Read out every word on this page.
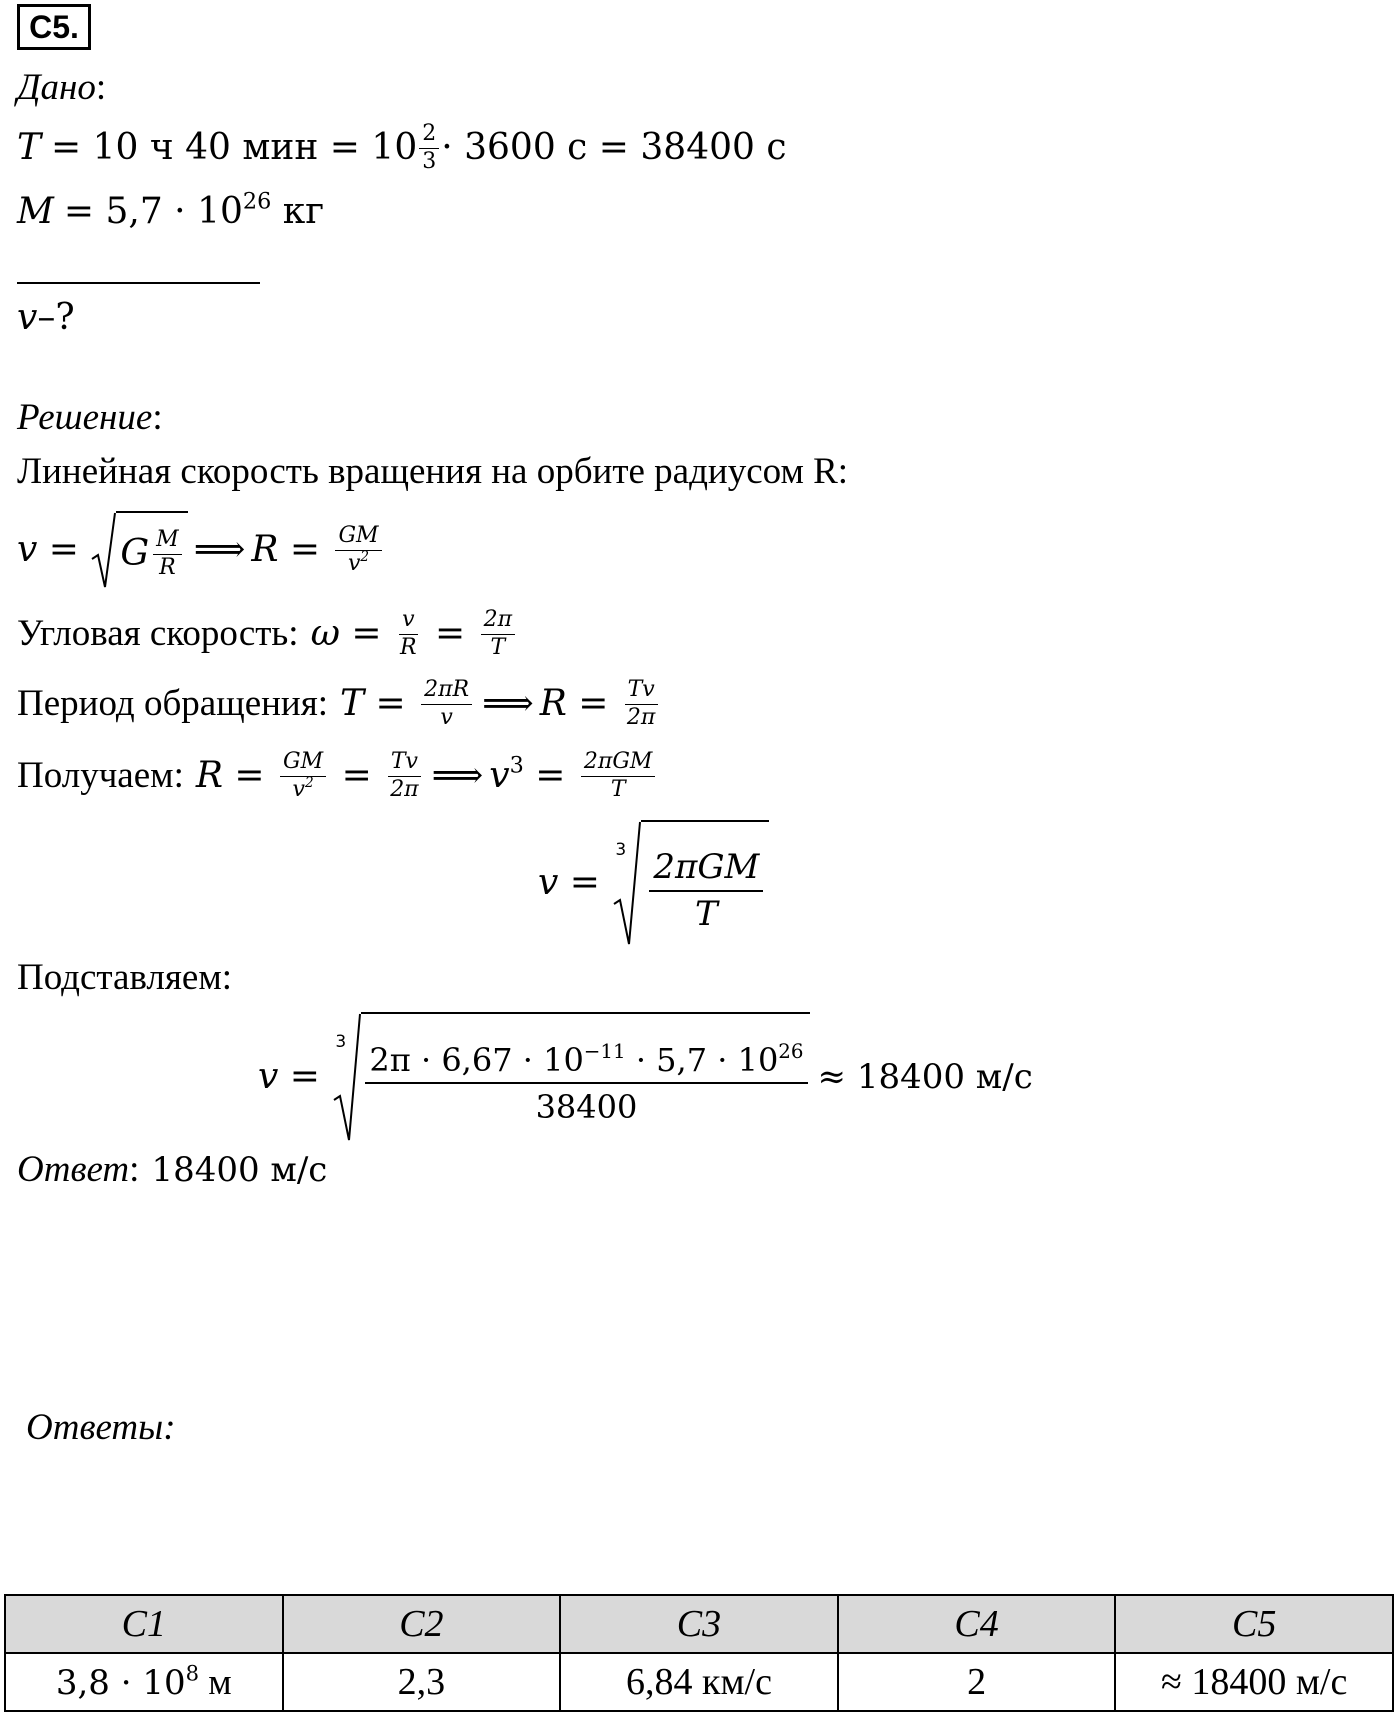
C5.
Дано:
T = 10 ч 40 мин = $10 \frac{2}{3} \cdot 3600$ с = 38400 с
$M = 5,7 \cdot 10^{26}$ кг
v –?
Решение:
Линейная скорость вращения на орбите радиусом R:
v = G $\frac{M}{R}$ ⟹ $R = \frac{GM}{v^2}$
Угловая скорость: $\omega = \frac{v}{R} = \frac{2\pi}{T}$
Период обращения: $T = \frac{2\pi R}{v}$ ⟹ $R = \frac{Tv}{2\pi}$
Получаем: $R = \frac{GM}{v^2} = \frac{Tv}{2\pi}$ ⟹ $v^3 = \frac{\text{2πGM}}{T}$
v =
$3 \frac{\text{2πGM}}{T}$
Подставляем:
v =
3
$\frac{2\pi \cdot 6,67 \cdot 10^{-11} \cdot 5,7 \cdot 10^{26}}{38400} \approx 18400$ м/с
Ответ : 18400 м/с
Ответы:
C1	C2	C3	C4	C5
$3,8 \cdot 10^8$ м	2,3	6,84 км/с	2	≈ 18400 м/с
